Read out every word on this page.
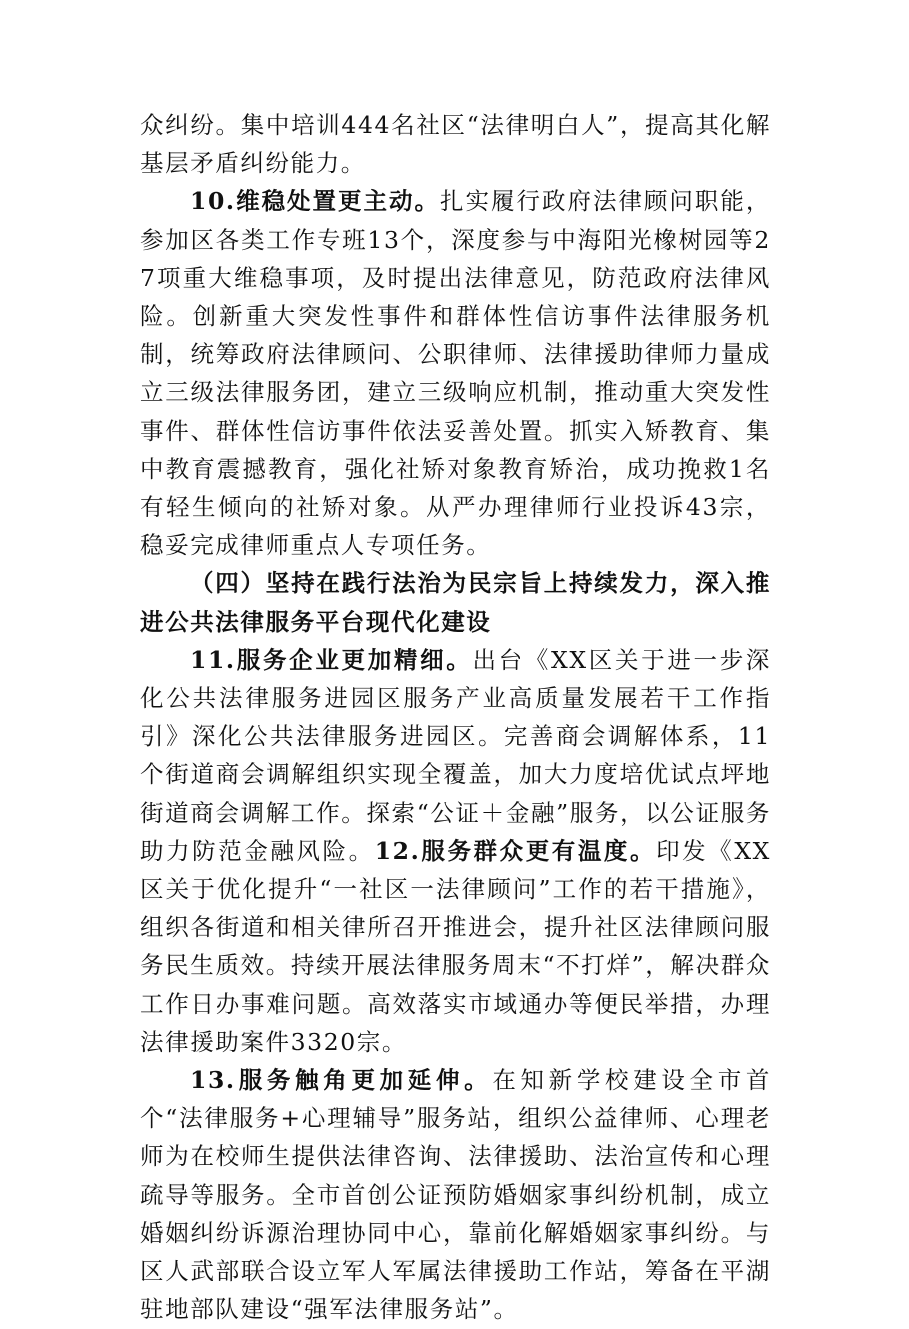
众纠纷。集中培训444名社区“法律明白人”，提高其化解基层矛盾纠纷能力。

10.维稳处置更主动。扎实履行政府法律顾问职能，参加区各类工作专班13个，深度参与中海阳光橡树园等27项重大维稳事项，及时提出法律意见，防范政府法律风险。创新重大突发性事件和群体性信访事件法律服务机制，统筹政府法律顾问、公职律师、法律援助律师力量成立三级法律服务团，建立三级响应机制，推动重大突发性事件、群体性信访事件依法妥善处置。抓实入矫教育、集中教育震撼教育，强化社矫对象教育矫治，成功挽救1名有轻生倾向的社矫对象。从严办理律师行业投诉43宗，稳妥完成律师重点人专项任务。

（四）坚持在践行法治为民宗旨上持续发力，深入推进公共法律服务平台现代化建设

11.服务企业更加精细。出台《XX区关于进一步深化公共法律服务进园区服务产业高质量发展若干工作指引》深化公共法律服务进园区。完善商会调解体系，11个街道商会调解组织实现全覆盖，加大力度培优试点坪地街道商会调解工作。探索“公证＋金融”服务，以公证服务助力防范金融风险。12.服务群众更有温度。印发《XX区关于优化提升“一社区一法律顾问”工作的若干措施》，组织各街道和相关律所召开推进会，提升社区法律顾问服务民生质效。持续开展法律服务周末“不打烊”，解决群众工作日办事难问题。高效落实市域通办等便民举措，办理法律援助案件3320宗。

13.服务触角更加延伸。在知新学校建设全市首个“法律服务+心理辅导”服务站，组织公益律师、心理老师为在校师生提供法律咨询、法律援助、法治宣传和心理疏导等服务。全市首创公证预防婚姻家事纠纷机制，成立婚姻纠纷诉源治理协同中心，靠前化解婚姻家事纠纷。与区人武部联合设立军人军属法律援助工作站，筹备在平湖驻地部队建设“强军法律服务站”。
